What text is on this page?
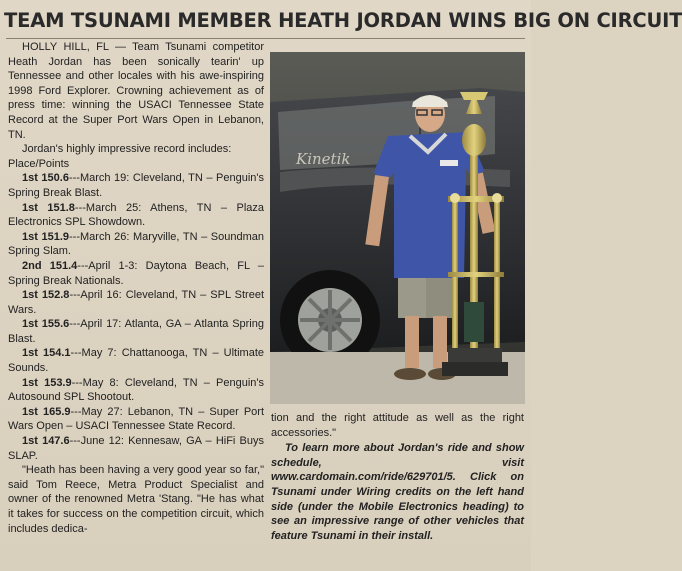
TEAM TSUNAMI MEMBER HEATH JORDAN WINS BIG ON CIRCUIT

HOLLY HILL, FL — Team Tsunami competitor Heath Jordan has been sonically tearin' up Tennessee and other locales with his awe-inspiring 1998 Ford Explorer. Crowning achievement as of press time: winning the USACI Tennessee State Record at the Super Port Wars Open in Lebanon, TN.

Jordan's highly impressive record includes:

Place/Points

1st 150.6---March 19: Cleveland, TN – Penguin's Spring Break Blast.

1st 151.8---March 25: Athens, TN – Plaza Electronics SPL Showdown.

1st 151.9---March 26: Maryville, TN – Soundman Spring Slam.

2nd 151.4---April 1-3: Daytona Beach, FL – Spring Break Nationals.

1st 152.8---April 16: Cleveland, TN – SPL Street Wars.

1st 155.6---April 17: Atlanta, GA – Atlanta Spring Blast.

1st 154.1---May 7: Chattanooga, TN – Ultimate Sounds.

1st 153.9---May 8: Cleveland, TN – Penguin's Autosound SPL Shootout.

1st 165.9---May 27: Lebanon, TN – Super Port Wars Open – USACI Tennessee State Record.

1st 147.6---June 12: Kennesaw, GA – HiFi Buys SLAP.

"Heath has been having a very good year so far," said Tom Reece, Metra Product Specialist and owner of the renowned Metra 'Stang. "He has what it takes for success on the competition circuit, which includes dedica-

Kinetik

tion and the right attitude as well as the right accessories."

To learn more about Jordan's ride and show schedule, visit www.cardomain.com/ride/629701/5. Click on Tsunami under Wiring credits on the left hand side (under the Mobile Electronics heading) to see an impressive range of other vehicles that feature Tsunami in their install.
